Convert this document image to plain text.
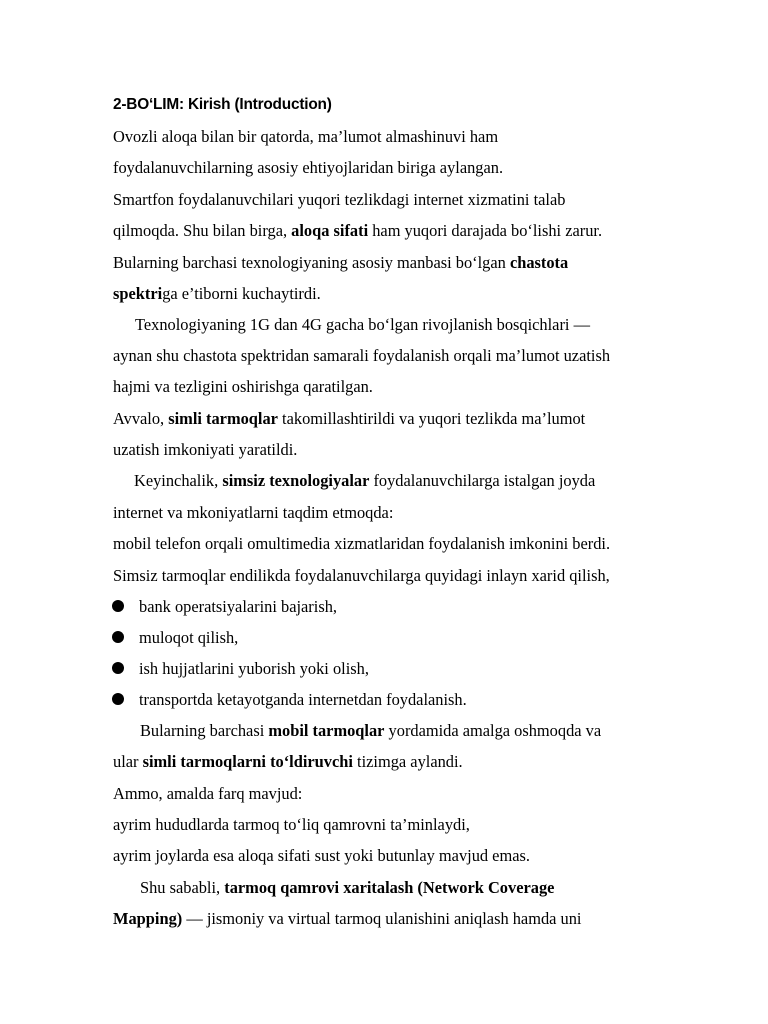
2-BO‘LIM: Kirish (Introduction)
Ovozli aloqa bilan bir qatorda, ma’lumot almashinuvi ham
foydalanuvchilarning asosiy ehtiyojlaridan biriga aylangan.
Smartfon foydalanuvchilari yuqori tezlikdagi internet xizmatini talab
qilmoqda. Shu bilan birga, aloqa sifati ham yuqori darajada bo‘lishi zarur.
Bularning barchasi texnologiyaning asosiy manbasi bo‘lgan chastota
spektriga e’tiborni kuchaytirdi.
Texnologiyaning 1G dan 4G gacha bo‘lgan rivojlanish bosqichlari —
aynan shu chastota spektridan samarali foydalanish orqali ma’lumot uzatish
hajmi va tezligini oshirishga qaratilgan.
Avvalo, simli tarmoqlar takomillashtirildi va yuqori tezlikda ma’lumot
uzatish imkoniyati yaratildi.
Keyinchalik, simsiz texnologiyalar foydalanuvchilarga istalgan joyda
internet va mkoniyatlarni taqdim etmoqda:
mobil telefon orqali omultimedia xizmatlaridan foydalanish imkonini berdi.
Simsiz tarmoqlar endilikda foydalanuvchilarga quyidagi inlayn xarid qilish,
bank operatsiyalarini bajarish,
muloqot qilish,
ish hujjatlarini yuborish yoki olish,
transportda ketayotganda internetdan foydalanish.
Bularning barchasi mobil tarmoqlar yordamida amalga oshmoqda va
ular simli tarmoqlarni to‘ldiruvchi tizimga aylandi.
Ammo, amalda farq mavjud:
ayrim hududlarda tarmoq to‘liq qamrovni ta’minlaydi,
ayrim joylarda esa aloqa sifati sust yoki butunlay mavjud emas.
Shu sababli, tarmoq qamrovi xaritalash (Network Coverage
Mapping) — jismoniy va virtual tarmoq ulanishini aniqlash hamda uni
